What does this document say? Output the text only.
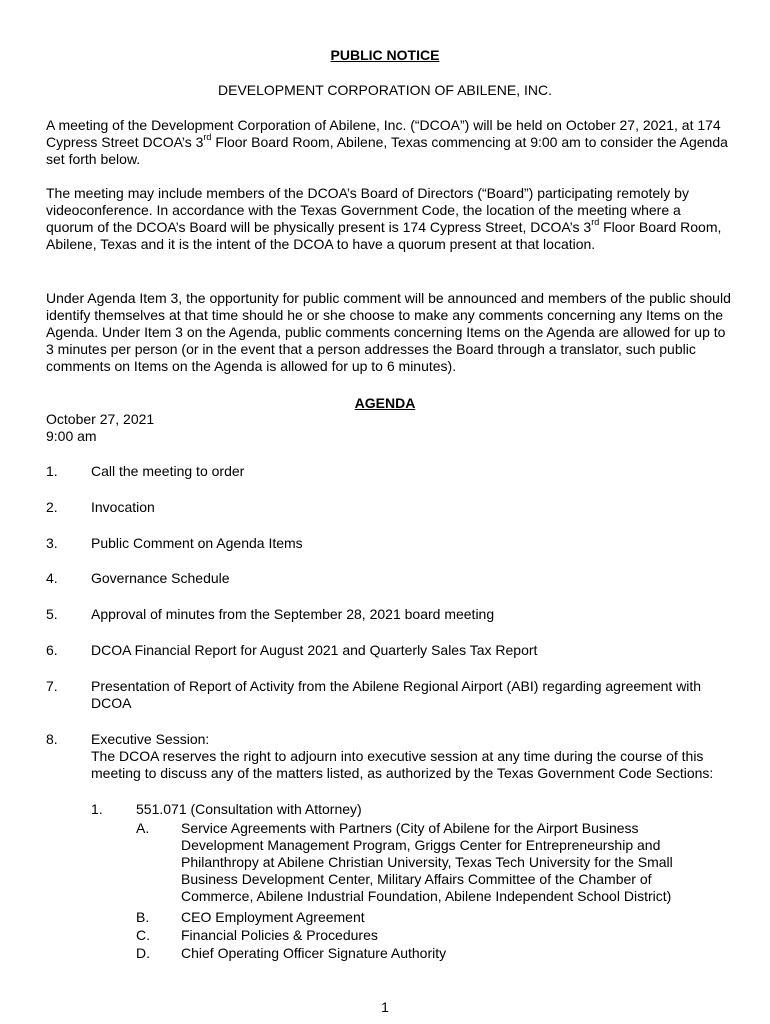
PUBLIC NOTICE
DEVELOPMENT CORPORATION OF ABILENE, INC.
A meeting of the Development Corporation of Abilene, Inc. (“DCOA”) will be held on October 27, 2021, at 174 Cypress Street DCOA’s 3rd Floor Board Room, Abilene, Texas commencing at 9:00 am to consider the Agenda set forth below.
The meeting may include members of the DCOA’s Board of Directors (“Board”) participating remotely by videoconference. In accordance with the Texas Government Code, the location of the meeting where a quorum of the DCOA’s Board will be physically present is 174 Cypress Street, DCOA’s 3rd Floor Board Room, Abilene, Texas and it is the intent of the DCOA to have a quorum present at that location.
Under Agenda Item 3, the opportunity for public comment will be announced and members of the public should identify themselves at that time should he or she choose to make any comments concerning any Items on the Agenda. Under Item 3 on the Agenda, public comments concerning Items on the Agenda are allowed for up to 3 minutes per person (or in the event that a person addresses the Board through a translator, such public comments on Items on the Agenda is allowed for up to 6 minutes).
AGENDA
October 27, 2021
9:00 am
1.	Call the meeting to order
2.	Invocation
3.	Public Comment on Agenda Items
4.	Governance Schedule
5.	Approval of minutes from the September 28, 2021 board meeting
6.	DCOA Financial Report for August 2021 and Quarterly Sales Tax Report
7.	Presentation of Report of Activity from the Abilene Regional Airport (ABI) regarding agreement with DCOA
8.	Executive Session:
The DCOA reserves the right to adjourn into executive session at any time during the course of this meeting to discuss any of the matters listed, as authorized by the Texas Government Code Sections:
1. 551.071 (Consultation with Attorney)
A. Service Agreements with Partners (City of Abilene for the Airport Business Development Management Program, Griggs Center for Entrepreneurship and Philanthropy at Abilene Christian University, Texas Tech University for the Small Business Development Center, Military Affairs Committee of the Chamber of Commerce, Abilene Industrial Foundation, Abilene Independent School District)
B. CEO Employment Agreement
C. Financial Policies & Procedures
D. Chief Operating Officer Signature Authority
1
